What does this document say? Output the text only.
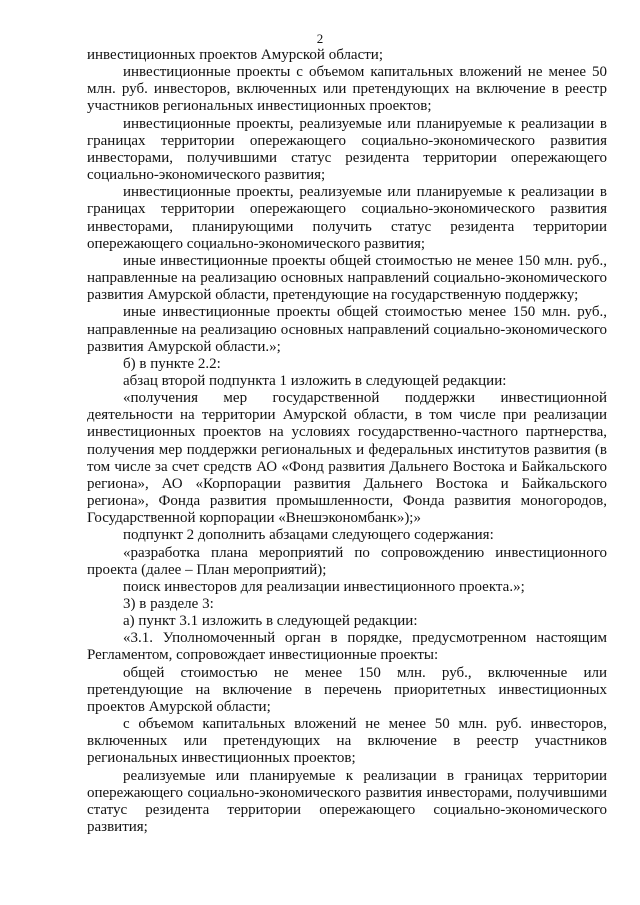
2

инвестиционных проектов Амурской области;

инвестиционные проекты с объемом капитальных вложений не менее 50 млн. руб. инвесторов, включенных или претендующих на включение в реестр участников региональных инвестиционных проектов;

инвестиционные проекты, реализуемые или планируемые к реализации в границах территории опережающего социально-экономического развития инвесторами, получившими статус резидента территории опережающего социально-экономического развития;

инвестиционные проекты, реализуемые или планируемые к реализации в границах территории опережающего социально-экономического развития инвесторами, планирующими получить статус резидента территории опережающего социально-экономического развития;

иные инвестиционные проекты общей стоимостью не менее 150 млн. руб., направленные на реализацию основных направлений социально-экономического развития Амурской области, претендующие на государственную поддержку;

иные инвестиционные проекты общей стоимостью менее 150 млн. руб., направленные на реализацию основных направлений социально-экономического развития Амурской области.»;

б) в пункте 2.2:

абзац второй подпункта 1 изложить в следующей редакции:

«получения мер государственной поддержки инвестиционной деятельности на территории Амурской области, в том числе при реализации инвестиционных проектов на условиях государственно-частного партнерства, получения мер поддержки региональных и федеральных институтов развития (в том числе за счет средств АО «Фонд развития Дальнего Востока и Байкальского региона», АО «Корпорации развития Дальнего Востока и Байкальского региона», Фонда развития промышленности, Фонда развития моногородов, Государственной корпорации «Внешэкономбанк»);»

подпункт 2 дополнить абзацами следующего содержания:

«разработка плана мероприятий по сопровождению инвестиционного проекта (далее – План мероприятий);

поиск инвесторов для реализации инвестиционного проекта.»;

3) в разделе 3:

а) пункт 3.1 изложить в следующей редакции:

«3.1. Уполномоченный орган в порядке, предусмотренном настоящим Регламентом, сопровождает инвестиционные проекты:

общей стоимостью не менее 150 млн. руб., включенные или претендующие на включение в перечень приоритетных инвестиционных проектов Амурской области;

с объемом капитальных вложений не менее 50 млн. руб. инвесторов, включенных или претендующих на включение в реестр участников региональных инвестиционных проектов;

реализуемые или планируемые к реализации в границах территории опережающего социально-экономического развития инвесторами, получившими статус резидента территории опережающего социально-экономического развития;
